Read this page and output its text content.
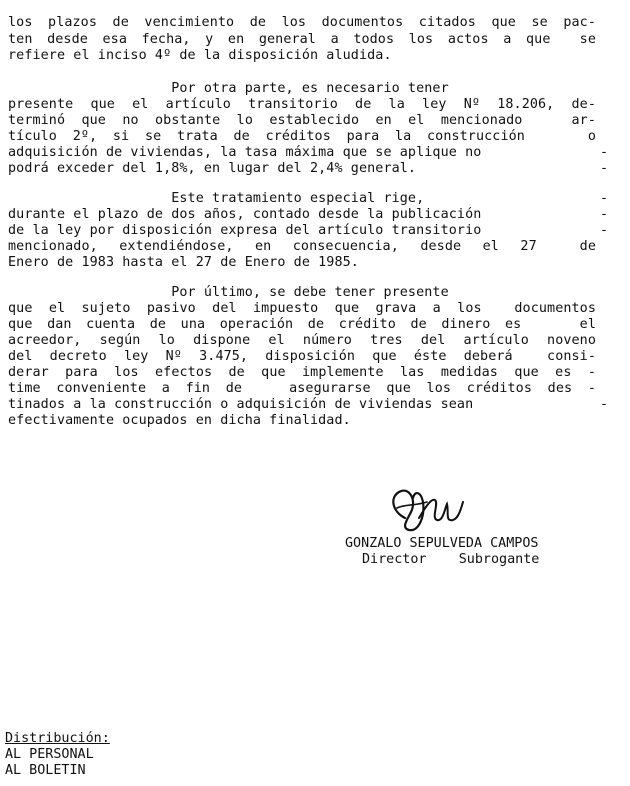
los plazos de vencimiento de los documentos citados que se pac-
ten desde esa fecha, y en general a todos los actos a que  se
refiere el inciso 4º de la disposición aludida.
Por otra parte, es necesario tener
presente que el artículo transitorio de la ley Nº 18.206, de-
terminó que no obstante lo establecido en el mencionado   ar-
tículo 2º, si se trata de créditos para la construcción    o
adquisición de viviendas, la tasa máxima que se aplique no	-
podrá exceder del 1,8%, en lugar del 2,4% general.	-
Este tratamiento especial rige,	-
durante el plazo de dos años, contado desde la publicación	-
de la ley por disposición expresa del artículo transitorio	-
mencionado, extendiéndose, en consecuencia, desde el 27  de
Enero de 1983 hasta el 27 de Enero de 1985.
Por último, se debe tener presente
que el sujeto pasivo del impuesto que grava a los  documentos
que dan cuenta de una operación de crédito de dinero es    el
acreedor, según lo dispone el número tres del artículo noveno
del decreto ley Nº 3.475, disposición que éste deberá  consi-
derar para los efectos de que implemente las medidas que es -
time conveniente a fin de   asegurarse que los créditos des -
tinados a la construcción o adquisición de viviendas sean	-
efectivamente ocupados en dicha finalidad.
GONZALO SEPULVEDA CAMPOS
Director    Subrogante
Distribución:
AL PERSONAL
AL BOLETIN
